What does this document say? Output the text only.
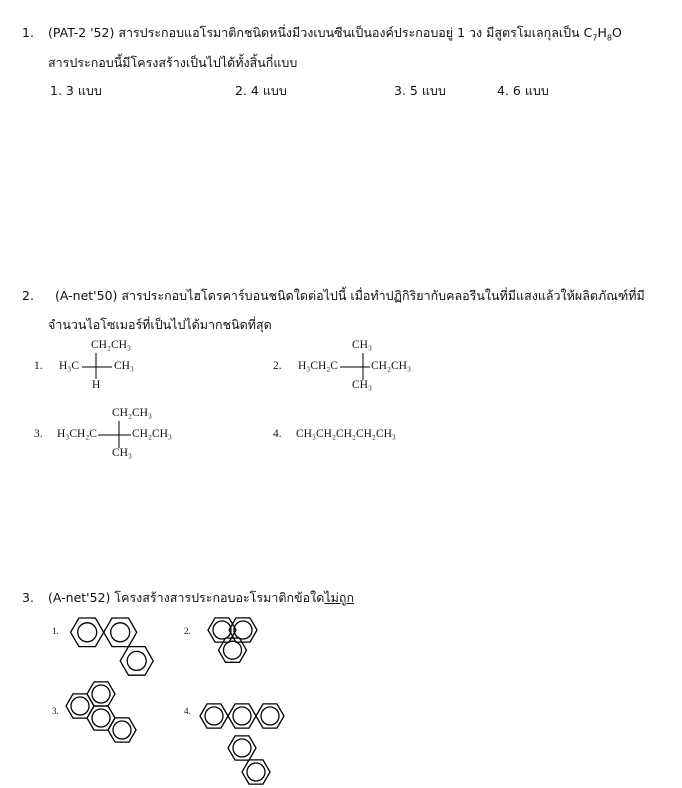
1. (PAT-2 '52) สารประกอบแอโรมาติกชนิดหนึ่งมีวงเบนซีนเป็นองค์ประกอบอยู่ 1 วง มีสูตรโมเลกุลเป็น $C_7H_8O$
สารประกอบนี้มีโครงสร้างเป็นไปได้ทั้งสิ้นกี่แบบ
1. 3 แบบ	2. 4 แบบ	3. 5 แบบ	4. 6 แบบ
2. (A-net'50) สารประกอบไฮโดรคาร์บอนชนิดใดต่อไปนี้ เมื่อทำปฏิกิริยากับคลอรีนในที่มีแสงแล้วให้ผลิตภัณฑ์ที่มี
จำนวนไอโซเมอร์ที่เป็นไปได้มากชนิดที่สุด
1.
CH₂CH₃
H₃C	CH₃
H
2.
CH₃
H₃CH₂C	CH₂CH₃
CH₃
3.
CH₂CH₃
H₃CH₂C	CH₂CH₃
CH₃
4. CH₃CH₂CH₂CH₂CH₃
3. (A-net'52) โครงสร้างสารประกอบอะโรมาติกข้อใดไม่ถูก
1.	2.
3.	4.
